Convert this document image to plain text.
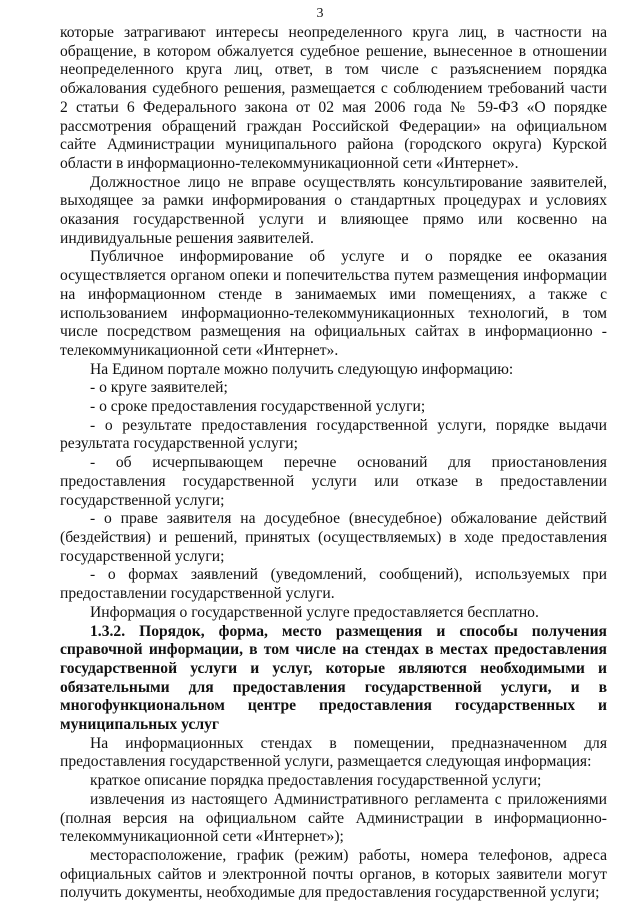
3

которые затрагивают интересы неопределенного круга лиц, в частности на обращение, в котором обжалуется судебное решение, вынесенное в отношении неопределенного круга лиц, ответ, в том числе с разъяснением порядка обжалования судебного решения, размещается с соблюдением требований части 2 статьи 6 Федерального закона от 02 мая 2006 года № 59-ФЗ «О порядке рассмотрения обращений граждан Российской Федерации» на официальном сайте Администрации муниципального района (городского округа) Курской области в информационно-телекоммуникационной сети «Интернет».

Должностное лицо не вправе осуществлять консультирование заявителей, выходящее за рамки информирования о стандартных процедурах и условиях оказания государственной услуги и влияющее прямо или косвенно на индивидуальные решения заявителей.

Публичное информирование об услуге и о порядке ее оказания осуществляется органом опеки и попечительства путем размещения информации на информационном стенде в занимаемых ими помещениях, а также с использованием информационно-телекоммуникационных технологий, в том числе посредством размещения на официальных сайтах в информационно - телекоммуникационной сети «Интернет».

На Едином портале можно получить следующую информацию:

- о круге заявителей;

- о сроке предоставления государственной услуги;

- о результате предоставления государственной услуги, порядке выдачи результата государственной услуги;

- об исчерпывающем перечне оснований для приостановления предоставления государственной услуги или отказе в предоставлении государственной услуги;

- о праве заявителя на досудебное (внесудебное) обжалование действий (бездействия) и решений, принятых (осуществляемых) в ходе предоставления государственной услуги;

- о формах заявлений (уведомлений, сообщений), используемых при предоставлении государственной услуги.

Информация о государственной услуге предоставляется бесплатно.

1.3.2. Порядок, форма, место размещения и способы получения справочной информации, в том числе на стендах в местах предоставления государственной услуги и услуг, которые являются необходимыми и обязательными для предоставления государственной услуги, и в многофункциональном центре предоставления государственных и муниципальных услуг

На информационных стендах в помещении, предназначенном для предоставления государственной услуги, размещается следующая информация:

краткое описание порядка предоставления государственной услуги;

извлечения из настоящего Административного регламента с приложениями (полная версия на официальном сайте Администрации в информационно-телекоммуникационной сети «Интернет»);

месторасположение, график (режим) работы, номера телефонов, адреса официальных сайтов и электронной почты органов, в которых заявители могут получить документы, необходимые для предоставления государственной услуги;
